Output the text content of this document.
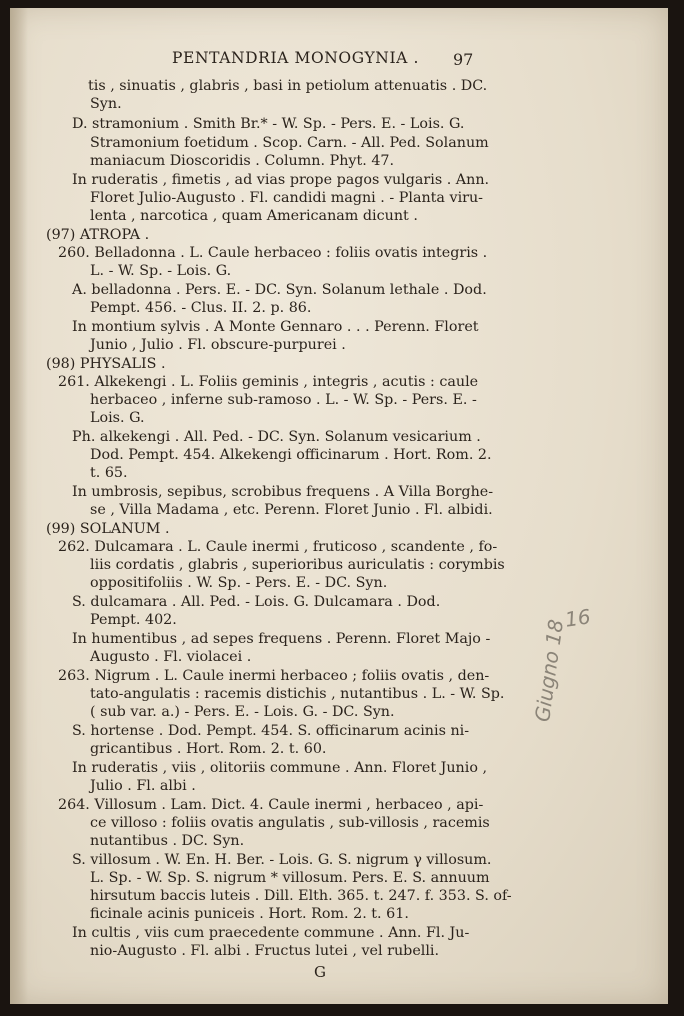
PENTANDRIA MONOGYNIA . 97
tis , sinuatis , glabris , basi in petiolum attenuatis . DC.
Syn.
D. stramonium . Smith Br.* - W. Sp. - Pers. E. - Lois. G.
Stramonium foetidum . Scop. Carn. - All. Ped. Solanum
maniacum Dioscoridis . Column. Phyt. 47.
In ruderatis , fimetis , ad vias prope pagos vulgaris . Ann.
Floret Julio-Augusto . Fl. candidi magni . - Planta viru-
lenta , narcotica , quam Americanam dicunt .
(97) ATROPA .
260. Belladonna . L. Caule herbaceo : foliis ovatis integris .
L. - W. Sp. - Lois. G.
A. belladonna . Pers. E. - DC. Syn. Solanum lethale . Dod.
Pempt. 456. - Clus. II. 2. p. 86.
In montium sylvis . A Monte Gennaro . . . Perenn. Floret
Junio , Julio . Fl. obscure-purpurei .
(98) PHYSALIS .
261. Alkekengi . L. Foliis geminis , integris , acutis : caule
herbaceo , inferne sub-ramoso . L. - W. Sp. - Pers. E. -
Lois. G.
Ph. alkekengi . All. Ped. - DC. Syn. Solanum vesicarium .
Dod. Pempt. 454. Alkekengi officinarum . Hort. Rom. 2.
t. 65.
In umbrosis, sepibus, scrobibus frequens . A Villa Borghe-
se , Villa Madama , etc. Perenn. Floret Junio . Fl. albidi.
(99) SOLANUM .
262. Dulcamara . L. Caule inermi , fruticoso , scandente , fo-
liis cordatis , glabris , superioribus auriculatis : corymbis
oppositifoliis . W. Sp. - Pers. E. - DC. Syn.
S. dulcamara . All. Ped. - Lois. G. Dulcamara . Dod.
Pempt. 402.
In humentibus , ad sepes frequens . Perenn. Floret Majo -
Augusto . Fl. violacei .
263. Nigrum . L. Caule inermi herbaceo ; foliis ovatis , den-
tato-angulatis : racemis distichis , nutantibus . L. - W. Sp.
( sub var. a.) - Pers. E. - Lois. G. - DC. Syn.
S. hortense . Dod. Pempt. 454. S. officinarum acinis ni-
gricantibus . Hort. Rom. 2. t. 60.
In ruderatis , viis , olitoriis commune . Ann. Floret Junio ,
Julio . Fl. albi .
264. Villosum . Lam. Dict. 4. Caule inermi , herbaceo , api-
ce villoso : foliis ovatis angulatis , sub-villosis , racemis
nutantibus . DC. Syn.
S. villosum . W. En. H. Ber. - Lois. G. S. nigrum γ villosum.
L. Sp. - W. Sp. S. nigrum * villosum. Pers. E. S. annuum
hirsutum baccis luteis . Dill. Elth. 365. t. 247. f. 353. S. of-
ficinale acinis puniceis . Hort. Rom. 2. t. 61.
In cultis , viis cum praecedente commune . Ann. Fl. Ju-
nio-Augusto . Fl. albi . Fructus lutei , vel rubelli.
G
16
Giugno 18
